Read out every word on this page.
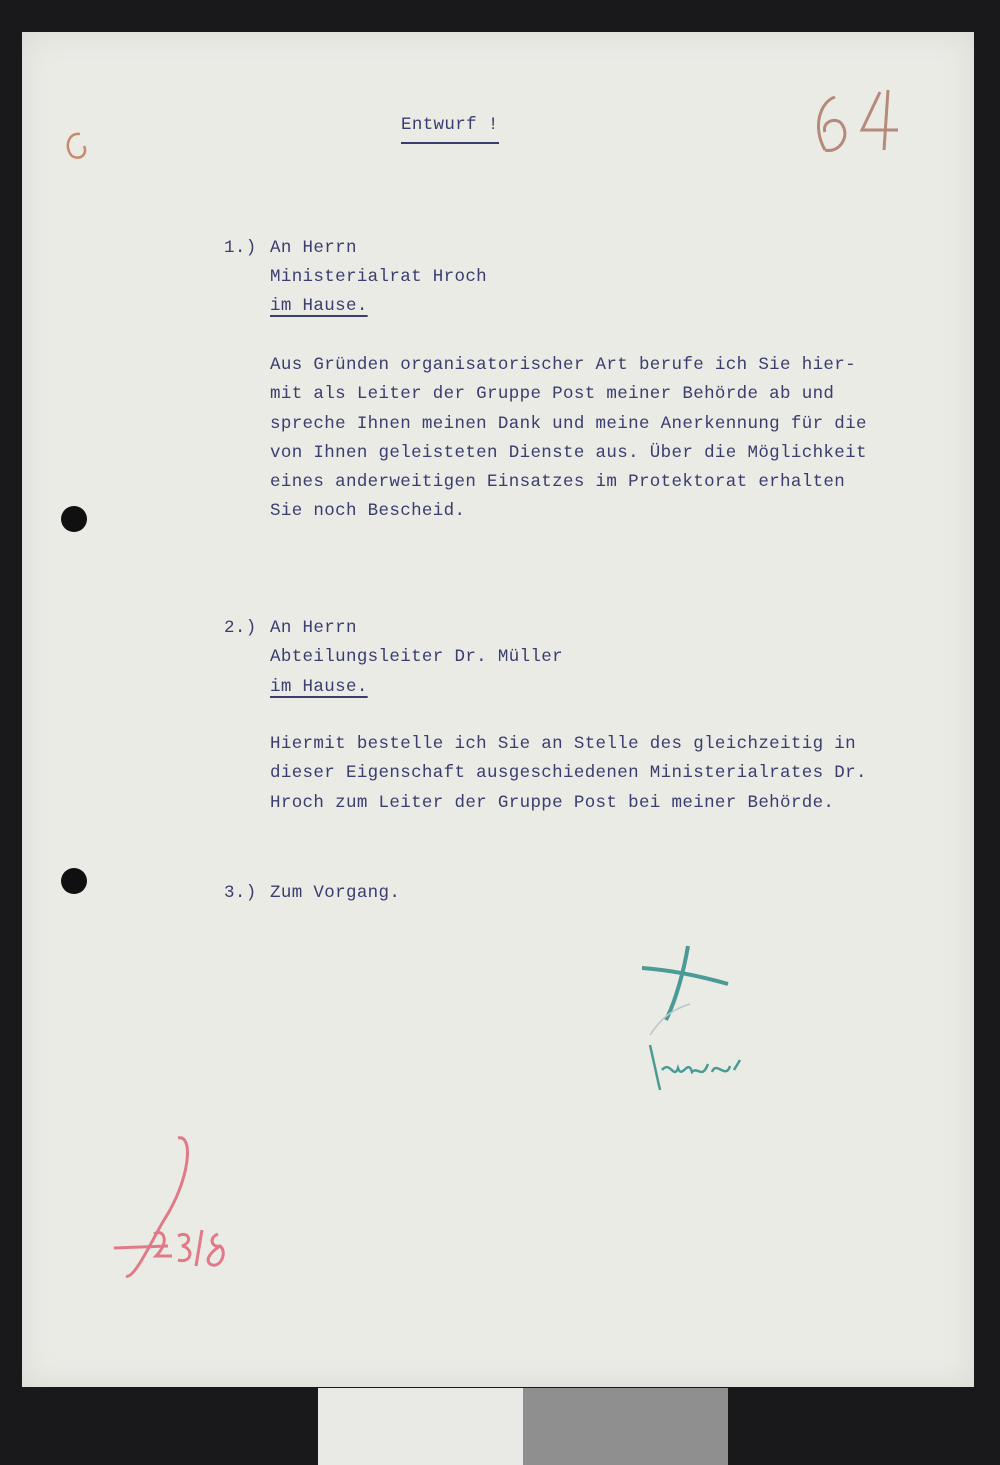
Entwurf !
1.) An Herrn
Ministerialrat Hroch
im Hause.
Aus Gründen organisatorischer Art berufe ich Sie hier-
mit als Leiter der Gruppe Post meiner Behörde ab und
spreche Ihnen meinen Dank und meine Anerkennung für die
von Ihnen geleisteten Dienste aus. Über die Möglichkeit
eines anderweitigen Einsatzes im Protektorat erhalten
Sie noch Bescheid.
2.) An Herrn
Abteilungsleiter Dr. Müller
im Hause.
Hiermit bestelle ich Sie an Stelle des gleichzeitig in
dieser Eigenschaft ausgeschiedenen Ministerialrates Dr.
Hroch zum Leiter der Gruppe Post bei meiner Behörde.
3.) Zum Vorgang.
